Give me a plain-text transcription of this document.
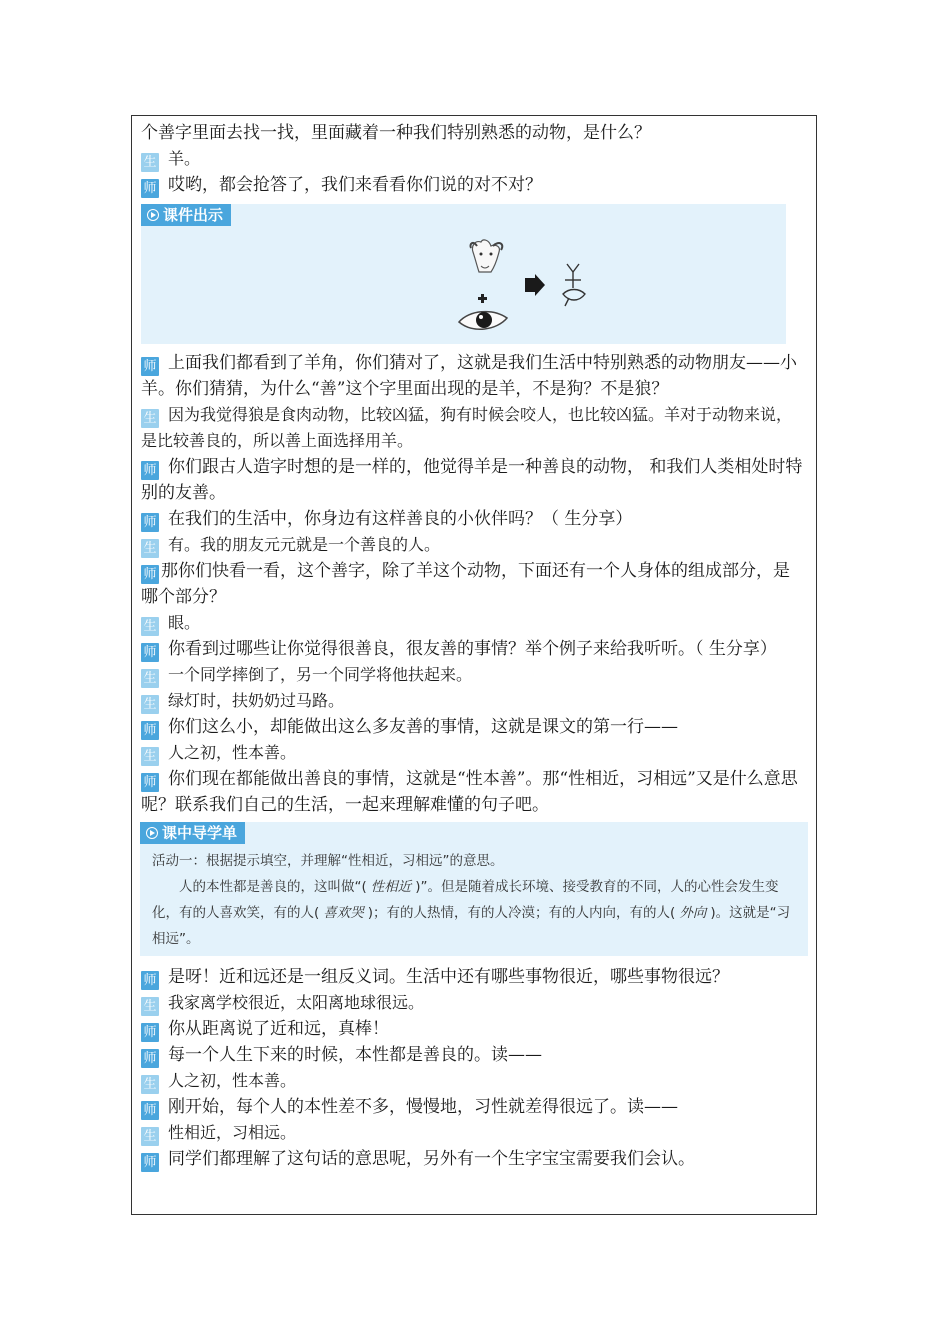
个善字里面去找一找，里面藏着一种我们特别熟悉的动物，是什么？
生 羊。
师 哎哟，都会抢答了，我们来看看你们说的对不对？
课件出示
师 上面我们都看到了羊角，你们猜对了，这就是我们生活中特别熟悉的动物朋友——小羊。你们猜猜，为什么“善”这个字里面出现的是羊，不是狗？不是狼？
生 因为我觉得狼是食肉动物，比较凶猛，狗有时候会咬人，也比较凶猛。羊对于动物来说，是比较善良的，所以善上面选择用羊。
师 你们跟古人造字时想的是一样的，他觉得羊是一种善良的动物， 和我们人类相处时特别的友善。
师 在我们的生活中，你身边有这样善良的小伙伴吗？（ 生分享）
生 有。我的朋友元元就是一个善良的人。
师 那你们快看一看，这个善字，除了羊这个动物，下面还有一个人身体的组成部分，是哪个部分？
生 眼。
师 你看到过哪些让你觉得很善良，很友善的事情？举个例子来给我听听。（ 生分享）
生 一个同学摔倒了，另一个同学将他扶起来。
生 绿灯时，扶奶奶过马路。
师 你们这么小，却能做出这么多友善的事情，这就是课文的第一行——
生 人之初，性本善。
师 你们现在都能做出善良的事情，这就是“性本善”。那“性相近，习相远”又是什么意思呢？联系我们自己的生活，一起来理解难懂的句子吧。
课中导学单
活动一：根据提示填空，并理解“性相近，习相远”的意思。
人的本性都是善良的，这叫做“( 性相近 )”。但是随着成长环境、接受教育的不同，人的心性会发生变化，有的人喜欢笑，有的人( 喜欢哭 )；有的人热情，有的人冷漠；有的人内向，有的人( 外向 )。这就是“习相远”。
师 是呀！近和远还是一组反义词。生活中还有哪些事物很近，哪些事物很远？
生 我家离学校很近，太阳离地球很远。
师 你从距离说了近和远，真棒！
师 每一个人生下来的时候，本性都是善良的。读——
生 人之初，性本善。
师 刚开始，每个人的本性差不多，慢慢地，习性就差得很远了。读——
生 性相近，习相远。
师 同学们都理解了这句话的意思呢，另外有一个生字宝宝需要我们会认。
